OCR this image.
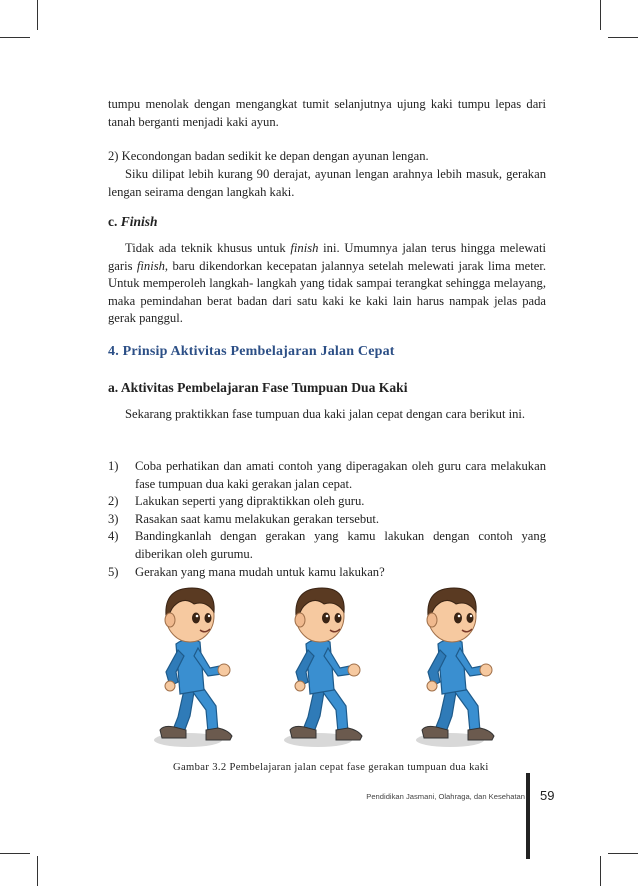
tumpu menolak dengan mengangkat tumit selanjutnya ujung kaki tumpu lepas dari tanah berganti menjadi kaki ayun.

2) Kecondongan badan sedikit ke depan dengan ayunan lengan.

Siku dilipat lebih kurang 90 derajat, ayunan lengan arahnya lebih masuk, gerakan lengan seirama dengan langkah kaki.

c. Finish

Tidak ada teknik khusus untuk finish ini. Umumnya jalan terus hingga melewati garis finish, baru dikendorkan kecepatan jalannya setelah melewati jarak lima meter. Untuk memperoleh langkah- langkah yang tidak sampai terangkat sehingga melayang, maka pemindahan berat badan dari satu kaki ke kaki lain harus nampak jelas pada gerak panggul.

4. Prinsip Aktivitas Pembelajaran Jalan Cepat
a. Aktivitas Pembelajaran Fase Tumpuan Dua Kaki

Sekarang praktikkan fase tumpuan dua kaki jalan cepat dengan cara berikut ini.

1) Coba perhatikan dan amati contoh yang diperagakan oleh guru cara melakukan fase tumpuan dua kaki gerakan jalan cepat.
2) Lakukan seperti yang dipraktikkan oleh guru.
3) Rasakan saat kamu melakukan gerakan tersebut.
4) Bandingkanlah dengan gerakan yang kamu lakukan dengan contoh yang diberikan oleh gurumu.
5) Gerakan yang mana mudah untuk kamu lakukan?
Gambar 3.2 Pembelajaran jalan cepat fase gerakan tumpuan dua kaki
Pendidikan Jasmani, Olahraga, dan Kesehatan 59
